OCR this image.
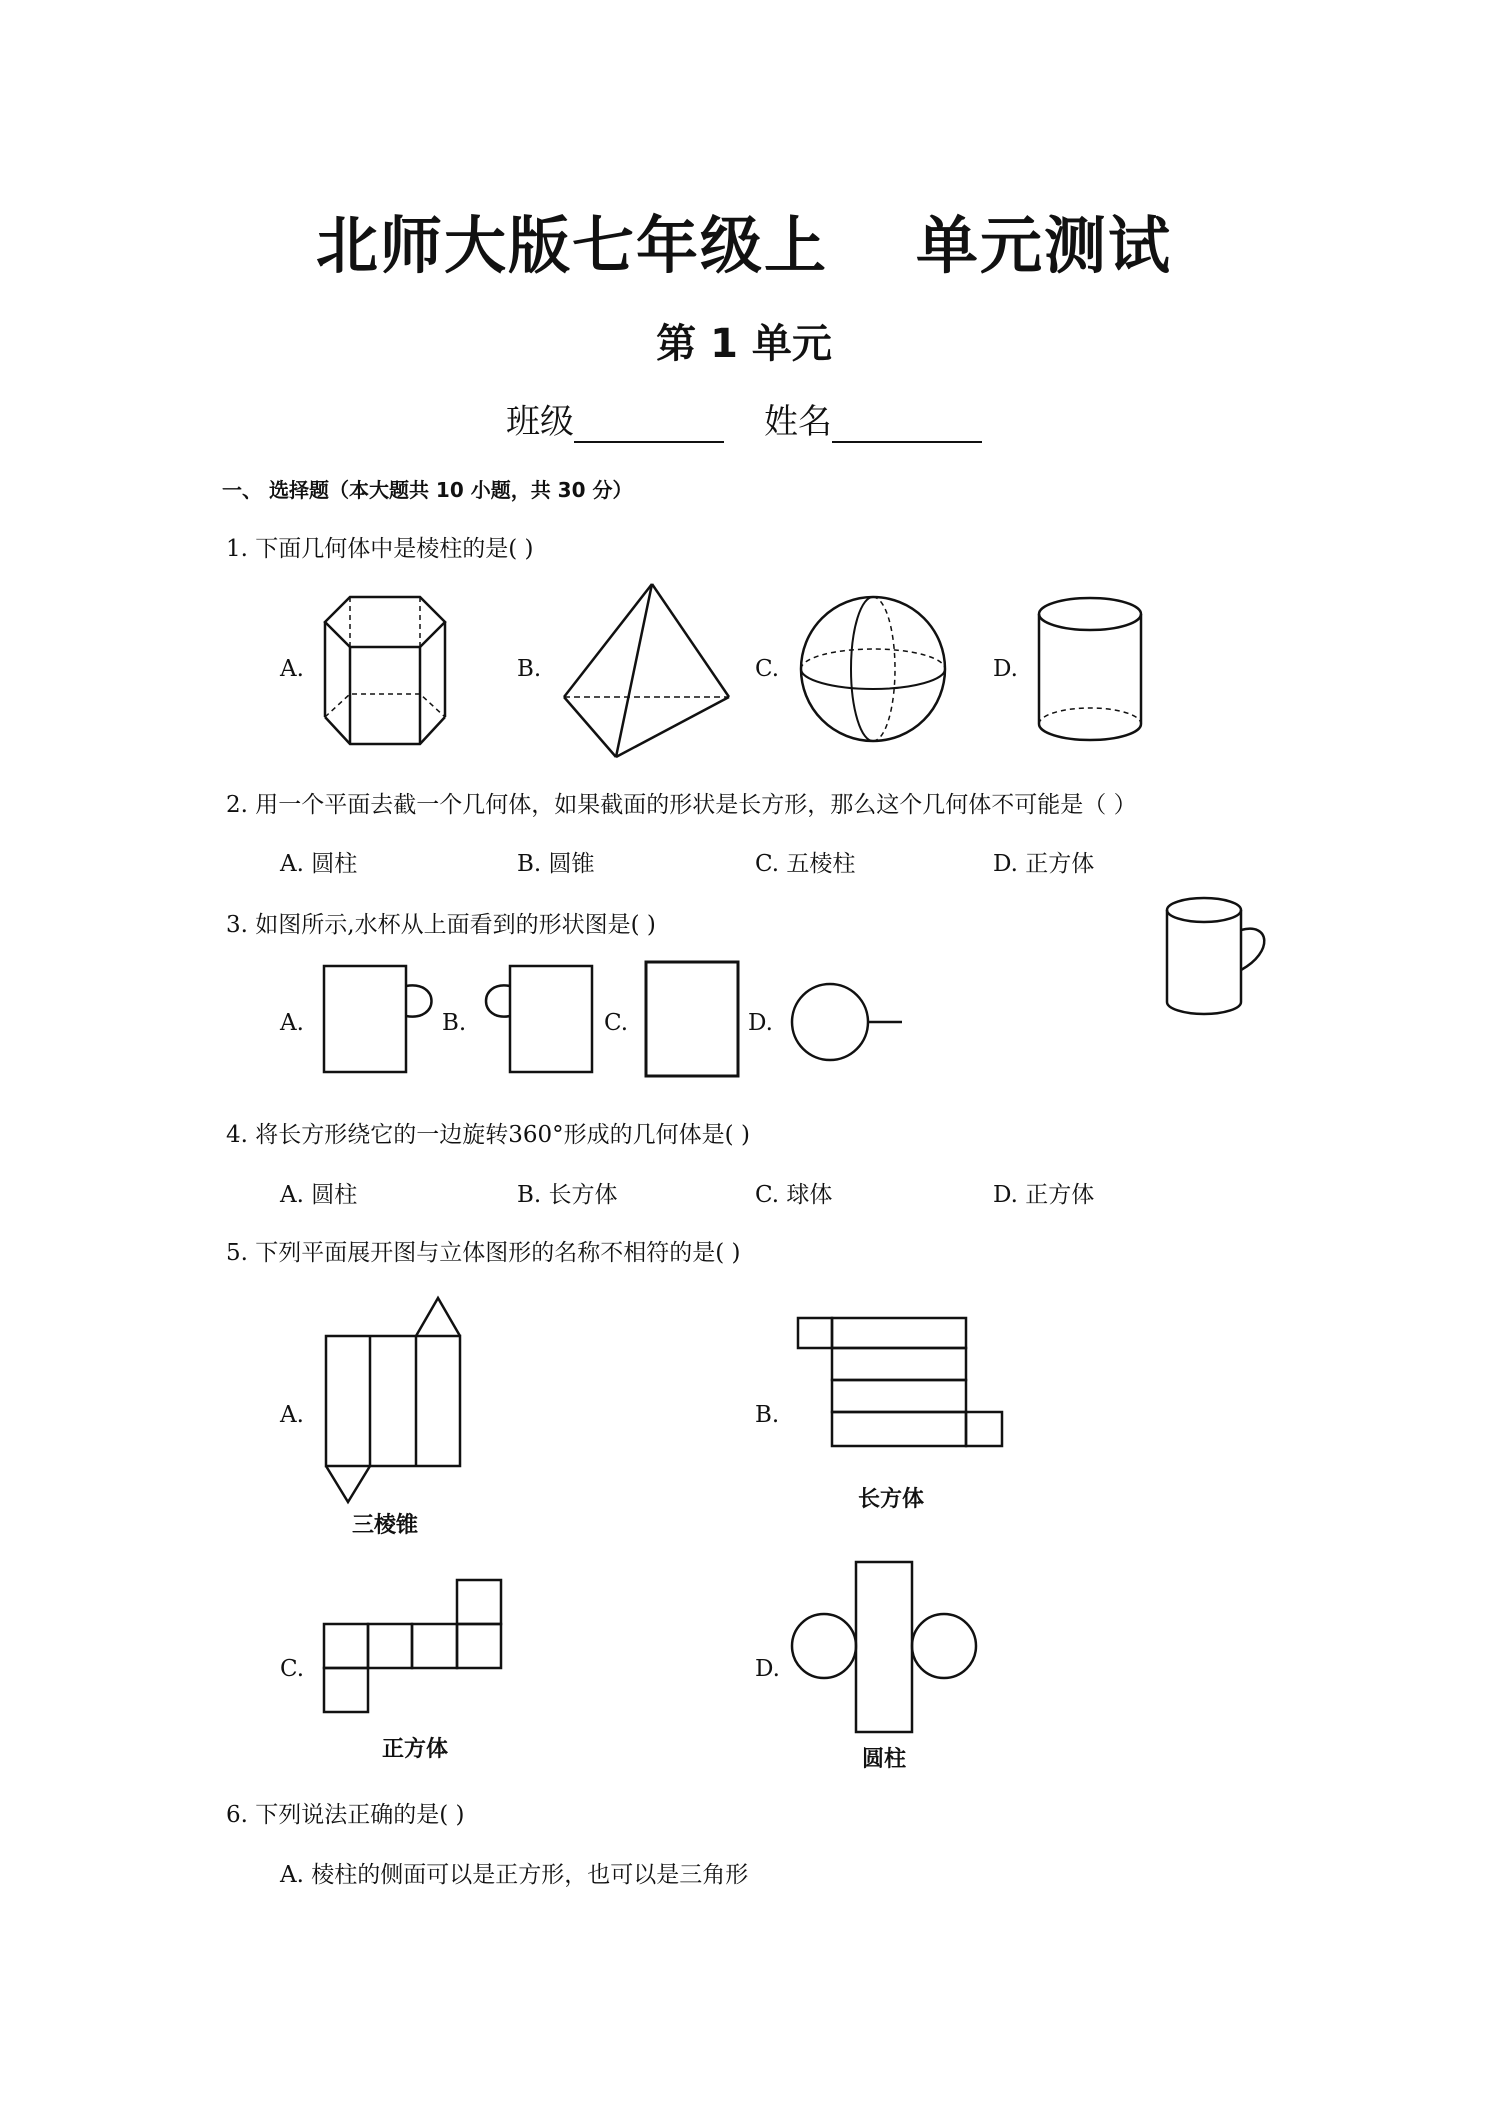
北师大版七年级上 单元测试
第 1 单元
班级	姓名
一、 选择题（本大题共 10 小题，共 30 分）
1. 下面几何体中是棱柱的是( )
A.	B.	C.	D.
2. 用一个平面去截一个几何体，如果截面的形状是长方形，那么这个几何体不可能是（ ）
A. 圆柱	B. 圆锥	C. 五棱柱	D. 正方体
3. 如图所示,水杯从上面看到的形状图是( )
A.	B.	C.	D.
4. 将长方形绕它的一边旋转360°形成的几何体是( )
A. 圆柱	B. 长方体	C. 球体	D. 正方体
5. 下列平面展开图与立体图形的名称不相符的是( )
A.	B.
C.	D.
三棱锥
长方体
正方体	圆柱
6. 下列说法正确的是( )
A. 棱柱的侧面可以是正方形，也可以是三角形
